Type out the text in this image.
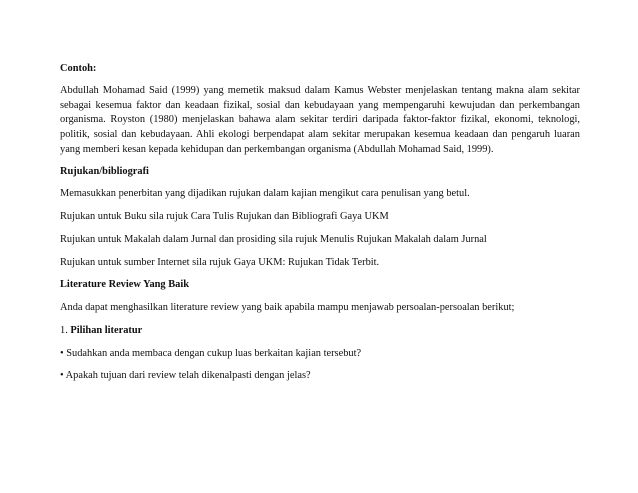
Contoh:

Abdullah Mohamad Said (1999) yang memetik maksud dalam Kamus Webster menjelaskan tentang makna alam sekitar sebagai kesemua faktor dan keadaan fizikal, sosial dan kebudayaan yang mempengaruhi kewujudan dan perkembangan organisma. Royston (1980) menjelaskan bahawa alam sekitar terdiri daripada faktor-faktor fizikal, ekonomi, teknologi, politik, sosial dan kebudayaan. Ahli ekologi berpendapat alam sekitar merupakan kesemua keadaan dan pengaruh luaran yang memberi kesan kepada kehidupan dan perkembangan organisma (Abdullah Mohamad Said, 1999).

Rujukan/bibliografi

Memasukkan penerbitan yang dijadikan rujukan dalam kajian mengikut cara penulisan yang betul.

Rujukan untuk Buku sila rujuk Cara Tulis Rujukan dan Bibliografi Gaya UKM

Rujukan untuk Makalah dalam Jurnal dan prosiding sila rujuk Menulis Rujukan Makalah dalam Jurnal

Rujukan untuk sumber Internet sila rujuk Gaya UKM: Rujukan Tidak Terbit.

Literature Review Yang Baik

Anda dapat menghasilkan literature review yang baik apabila mampu menjawab persoalan-persoalan berikut;

1. Pilihan literatur

• Sudahkan anda membaca dengan cukup luas berkaitan kajian tersebut?

• Apakah tujuan dari review telah dikenalpasti dengan jelas?
